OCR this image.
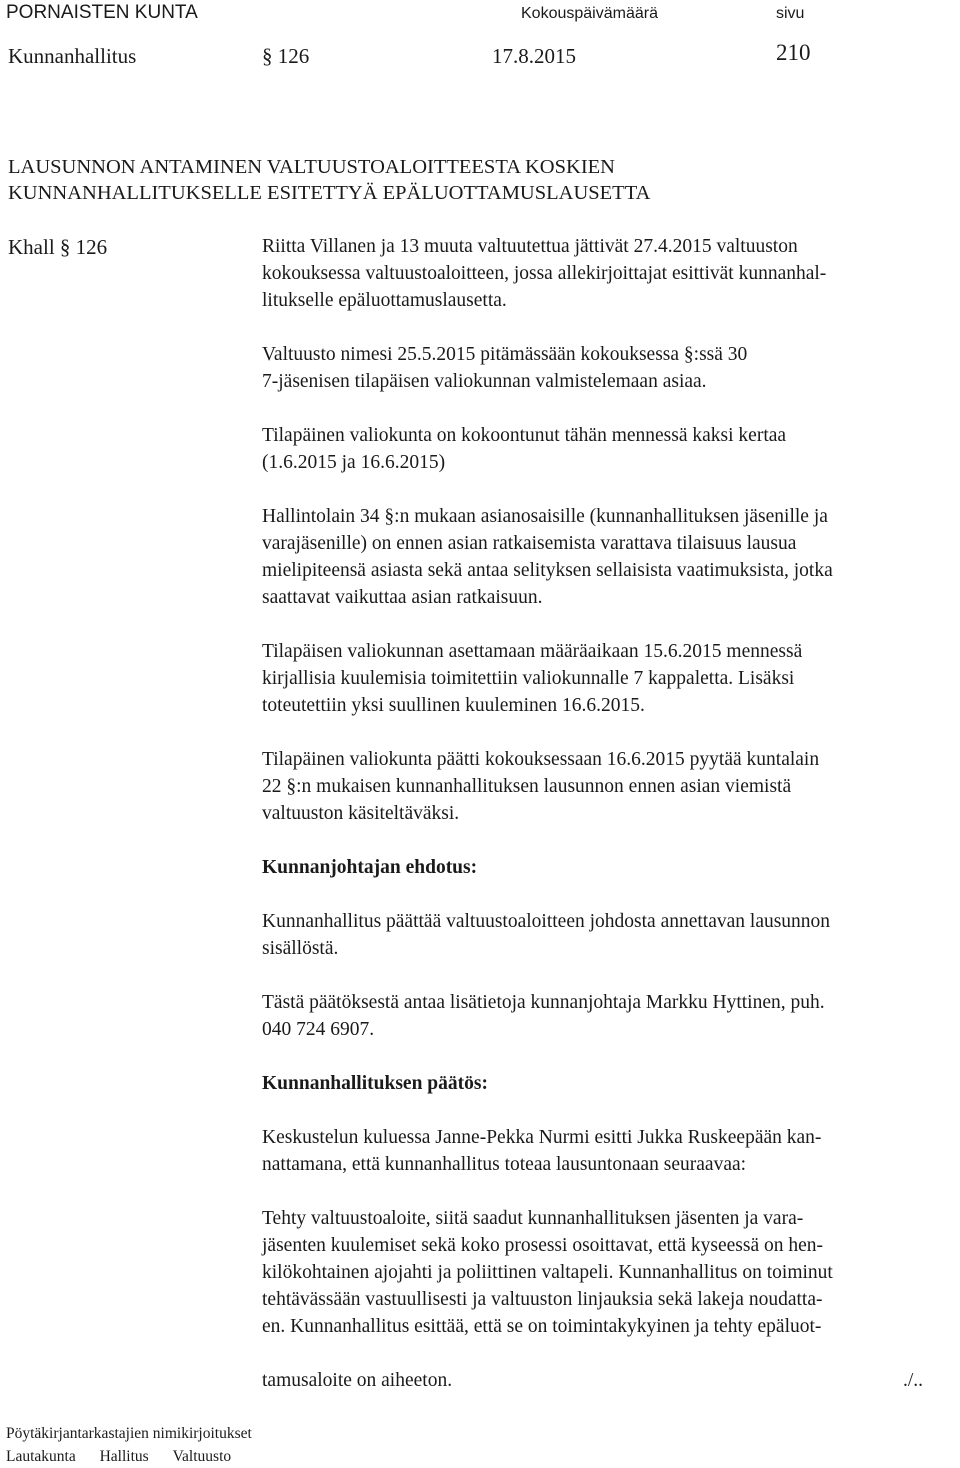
PORNAISTEN KUNTA	Kokouspäivämäärä	sivu
Kunnanhallitus	§ 126	17.8.2015	210
LAUSUNNON ANTAMINEN VALTUUSTOALOITTEESTA KOSKIEN
KUNNANHALLITUKSELLE ESITETTYÄ EPÄLUOTTAMUSLAUSETTA
Khall § 126	Riitta Villanen ja 13 muuta valtuutettua jättivät 27.4.2015 valtuuston

kokouksessa valtuustoaloitteen, jossa allekirjoittajat esittivät kunnanhal-

litukselle epäluottamuslausetta.

Valtuusto nimesi 25.5.2015 pitämässään kokouksessa §:ssä 30

7-jäsenisen tilapäisen valiokunnan valmistelemaan asiaa.

Tilapäinen valiokunta on kokoontunut tähän mennessä kaksi kertaa

(1.6.2015 ja 16.6.2015)

Hallintolain 34 §:n mukaan asianosaisille (kunnanhallituksen jäsenille ja

varajäsenille) on ennen asian ratkaisemista varattava tilaisuus lausua

mielipiteensä asiasta sekä antaa selityksen sellaisista vaatimuksista, jotka

saattavat vaikuttaa asian ratkaisuun.

Tilapäisen valiokunnan asettamaan määräaikaan 15.6.2015 mennessä

kirjallisia kuulemisia toimitettiin valiokunnalle 7 kappaletta. Lisäksi

toteutettiin yksi suullinen kuuleminen 16.6.2015.

Tilapäinen valiokunta päätti kokouksessaan 16.6.2015 pyytää kuntalain

22 §:n mukaisen kunnanhallituksen lausunnon ennen asian viemistä

valtuuston käsiteltäväksi.

Kunnanjohtajan ehdotus:

Kunnanhallitus päättää valtuustoaloitteen johdosta annettavan lausunnon

sisällöstä.

Tästä päätöksestä antaa lisätietoja kunnanjohtaja Markku Hyttinen, puh.

040 724 6907.

Kunnanhallituksen päätös:

Keskustelun kuluessa Janne-Pekka Nurmi esitti Jukka Ruskeepään kan-

nattamana, että kunnanhallitus toteaa lausuntonaan seuraavaa:

Tehty valtuustoaloite, siitä saadut kunnanhallituksen jäsenten ja vara-

jäsenten kuulemiset sekä koko prosessi osoittavat, että kyseessä on hen-

kilökohtainen ajojahti ja poliittinen valtapeli. Kunnanhallitus on toiminut

tehtävässään vastuullisesti ja valtuuston linjauksia sekä lakeja noudatta-

en. Kunnanhallitus esittää, että se on toimintakykyinen ja tehty epäluot-

tamusaloite on aiheeton.	./..

Pöytäkirjantarkastajien nimikirjoitukset
Lautakunta Hallitus Valtuusto
